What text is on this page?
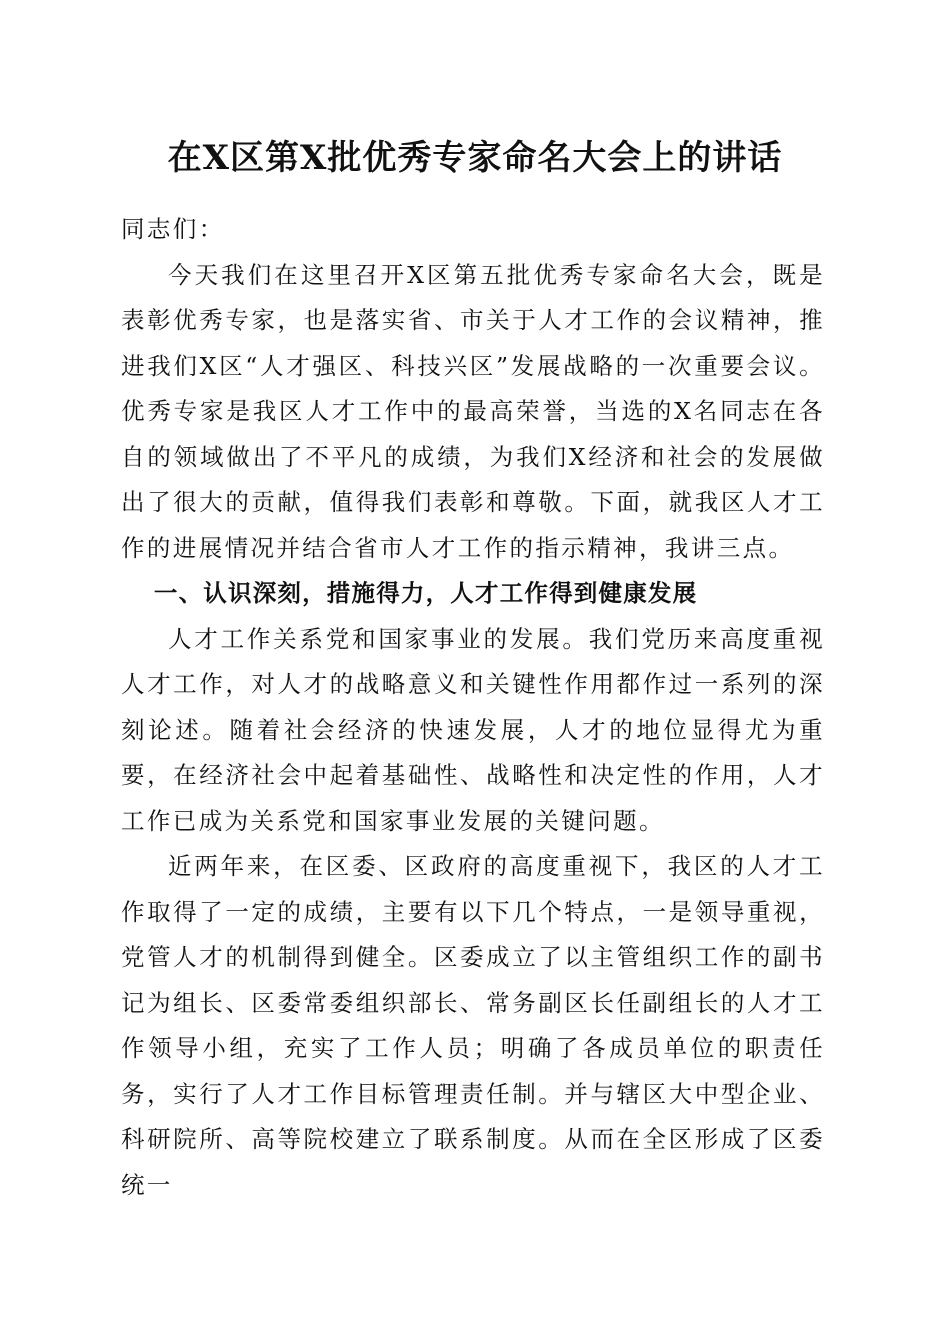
在X区第X批优秀专家命名大会上的讲话

同志们：

今天我们在这里召开X区第五批优秀专家命名大会，既是表彰优秀专家，也是落实省、市关于人才工作的会议精神，推进我们X区“人才强区、科技兴区”发展战略的一次重要会议。优秀专家是我区人才工作中的最高荣誉，当选的X名同志在各自的领域做出了不平凡的成绩，为我们X经济和社会的发展做出了很大的贡献，值得我们表彰和尊敬。下面，就我区人才工作的进展情况并结合省市人才工作的指示精神，我讲三点。

一、认识深刻，措施得力，人才工作得到健康发展

人才工作关系党和国家事业的发展。我们党历来高度重视人才工作，对人才的战略意义和关键性作用都作过一系列的深刻论述。随着社会经济的快速发展，人才的地位显得尤为重要，在经济社会中起着基础性、战略性和决定性的作用，人才工作已成为关系党和国家事业发展的关键问题。

近两年来，在区委、区政府的高度重视下，我区的人才工作取得了一定的成绩，主要有以下几个特点，一是领导重视，党管人才的机制得到健全。区委成立了以主管组织工作的副书记为组长、区委常委组织部长、常务副区长任副组长的人才工作领导小组，充实了工作人员；明确了各成员单位的职责任务，实行了人才工作目标管理责任制。并与辖区大中型企业、科研院所、高等院校建立了联系制度。从而在全区形成了区委统一
